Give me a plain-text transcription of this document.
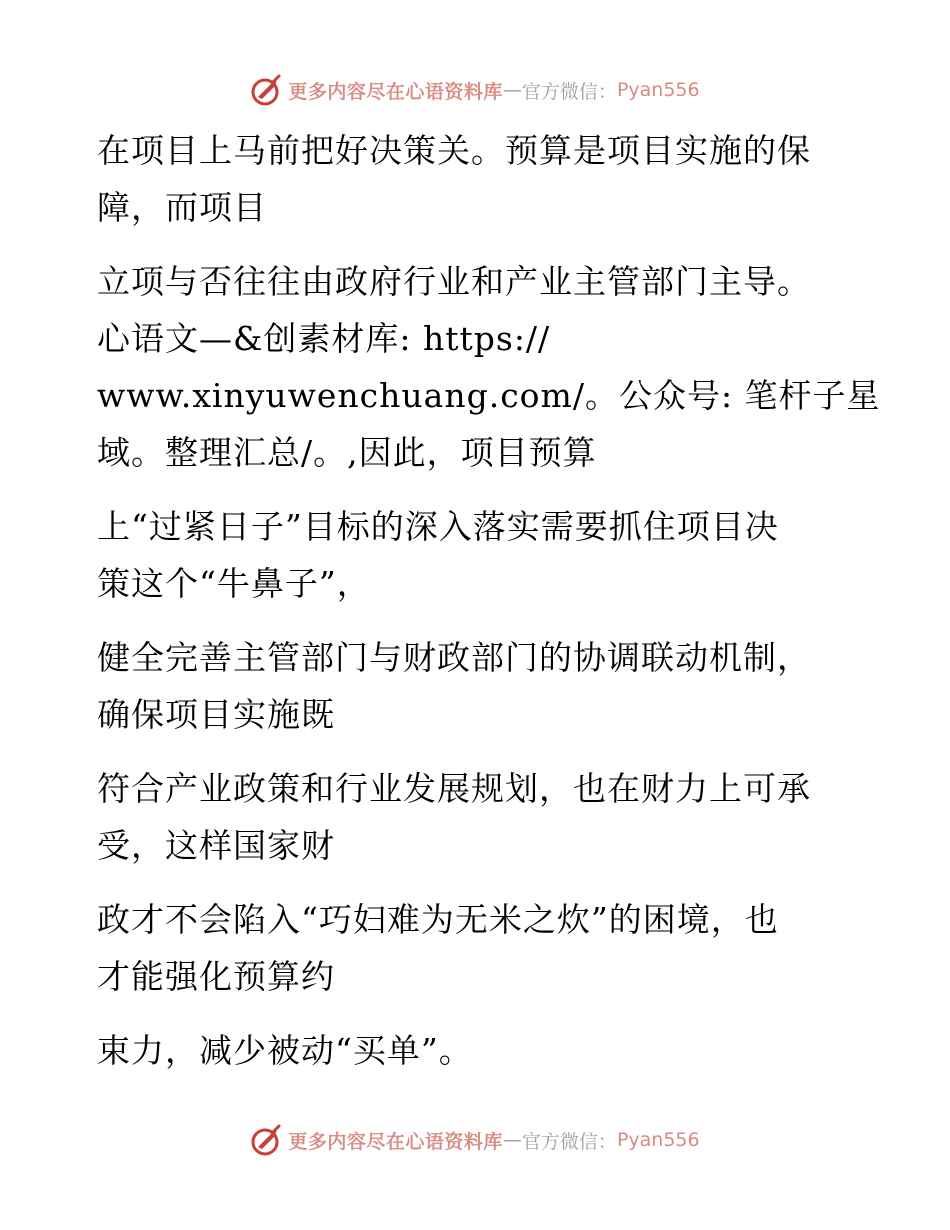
更多内容尽在心语资料库 — 官方微信： Pyan556
在项目上马前把好决策关。预算是项目实施的保
障，而项目
立项与否往往由政府行业和产业主管部门主导。
心语文—&创素材库: https://
www.xinyuwenchuang.com/。公众号: 笔杆子星
域。整理汇总/。,因此，项目预算
上“过紧日子”目标的深入落实需要抓住项目决
策这个“牛鼻子”，
健全完善主管部门与财政部门的协调联动机制，
确保项目实施既
符合产业政策和行业发展规划，也在财力上可承
受，这样国家财
政才不会陷入“巧妇难为无米之炊”的困境，也
才能强化预算约
束力，减少被动“买单”。
更多内容尽在心语资料库 — 官方微信： Pyan556
